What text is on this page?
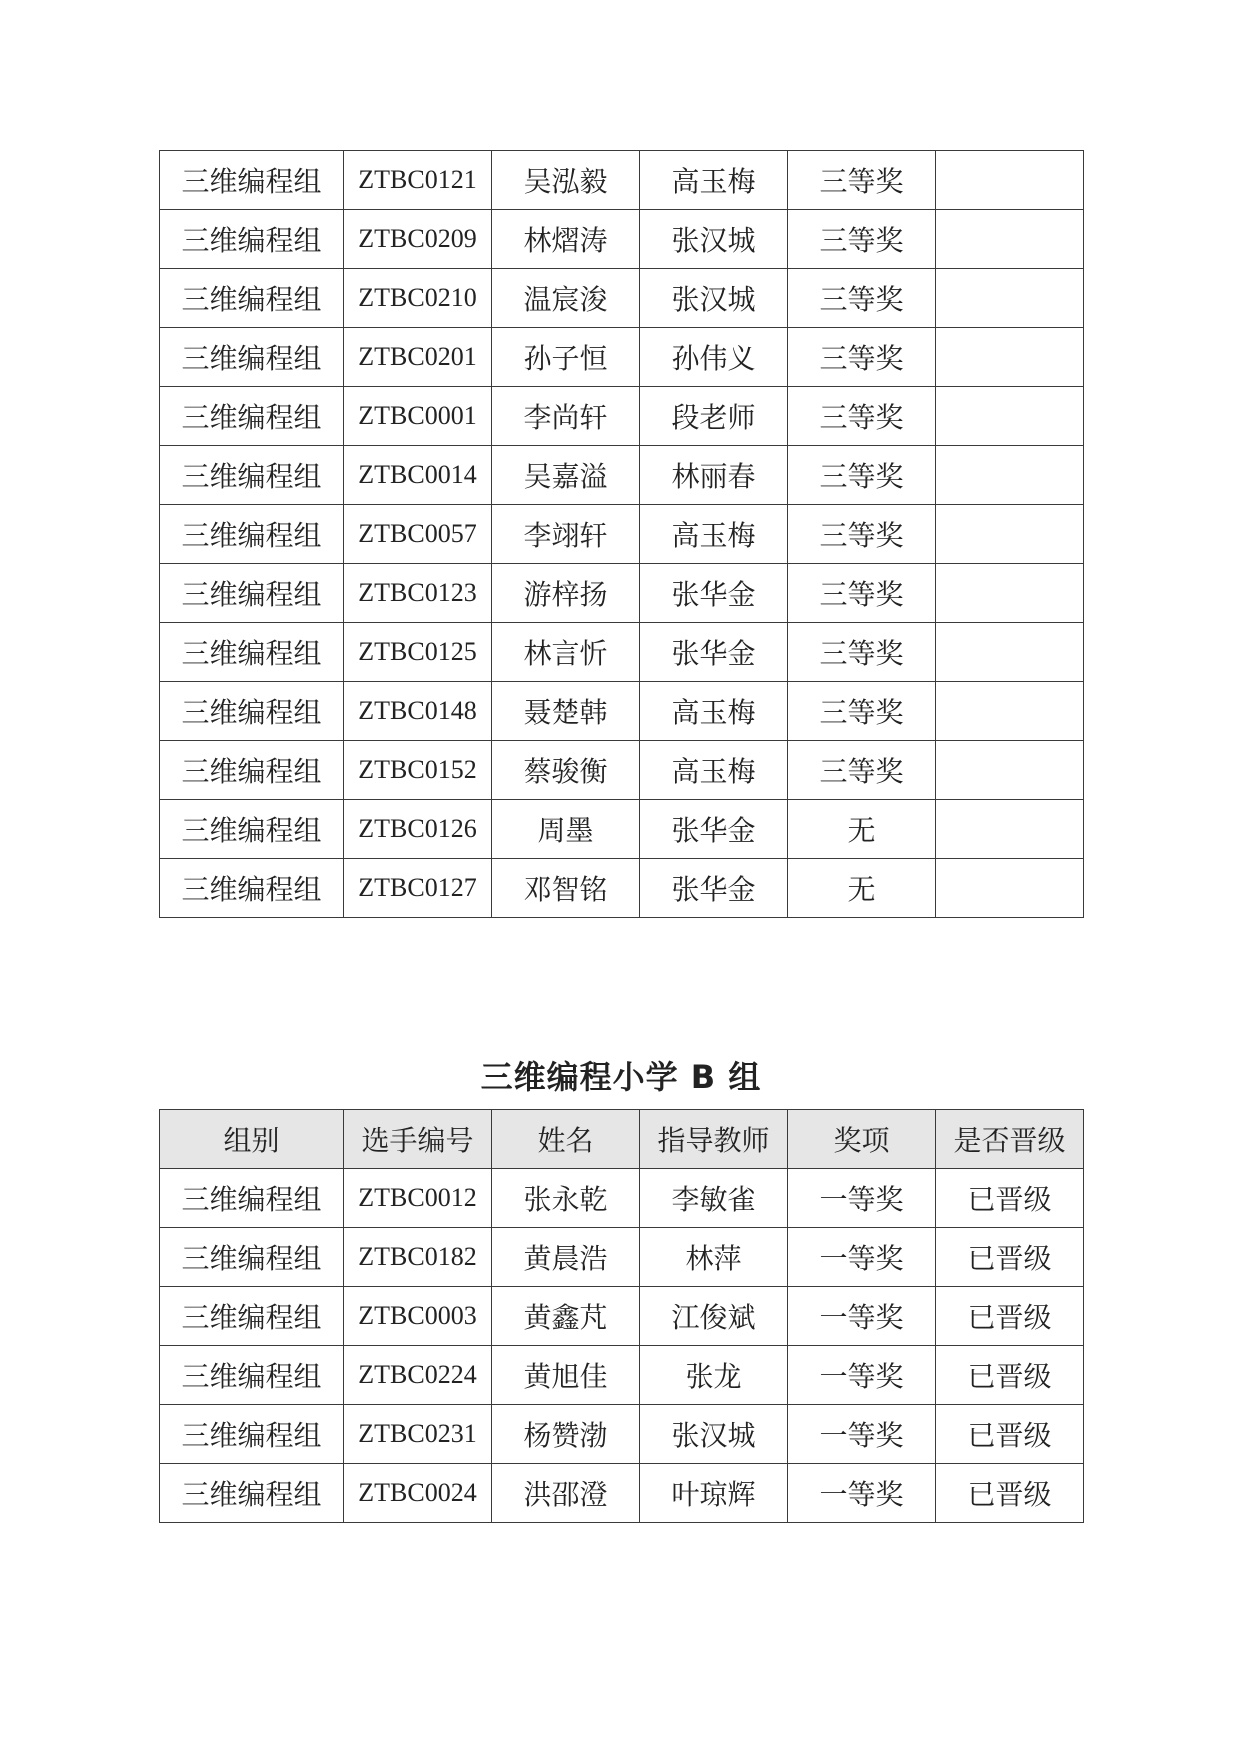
三维编程组	ZTBC0121	吴泓毅	高玉梅	三等奖	
三维编程组	ZTBC0209	林熠涛	张汉城	三等奖	
三维编程组	ZTBC0210	温宸浚	张汉城	三等奖	
三维编程组	ZTBC0201	孙子恒	孙伟义	三等奖	
三维编程组	ZTBC0001	李尚轩	段老师	三等奖	
三维编程组	ZTBC0014	吴嘉溢	林丽春	三等奖	
三维编程组	ZTBC0057	李翊轩	高玉梅	三等奖	
三维编程组	ZTBC0123	游梓扬	张华金	三等奖	
三维编程组	ZTBC0125	林言忻	张华金	三等奖	
三维编程组	ZTBC0148	聂楚韩	高玉梅	三等奖	
三维编程组	ZTBC0152	蔡骏衡	高玉梅	三等奖	
三维编程组	ZTBC0126	周墨	张华金	无	
三维编程组	ZTBC0127	邓智铭	张华金	无	
三维编程小学 B 组
组别	选手编号	姓名	指导教师	奖项	是否晋级
三维编程组	ZTBC0012	张永乾	李敏雀	一等奖	已晋级
三维编程组	ZTBC0182	黄晨浩	林萍	一等奖	已晋级
三维编程组	ZTBC0003	黄鑫芃	江俊斌	一等奖	已晋级
三维编程组	ZTBC0224	黄旭佳	张龙	一等奖	已晋级
三维编程组	ZTBC0231	杨赞渤	张汉城	一等奖	已晋级
三维编程组	ZTBC0024	洪邵澄	叶琼辉	一等奖	已晋级
